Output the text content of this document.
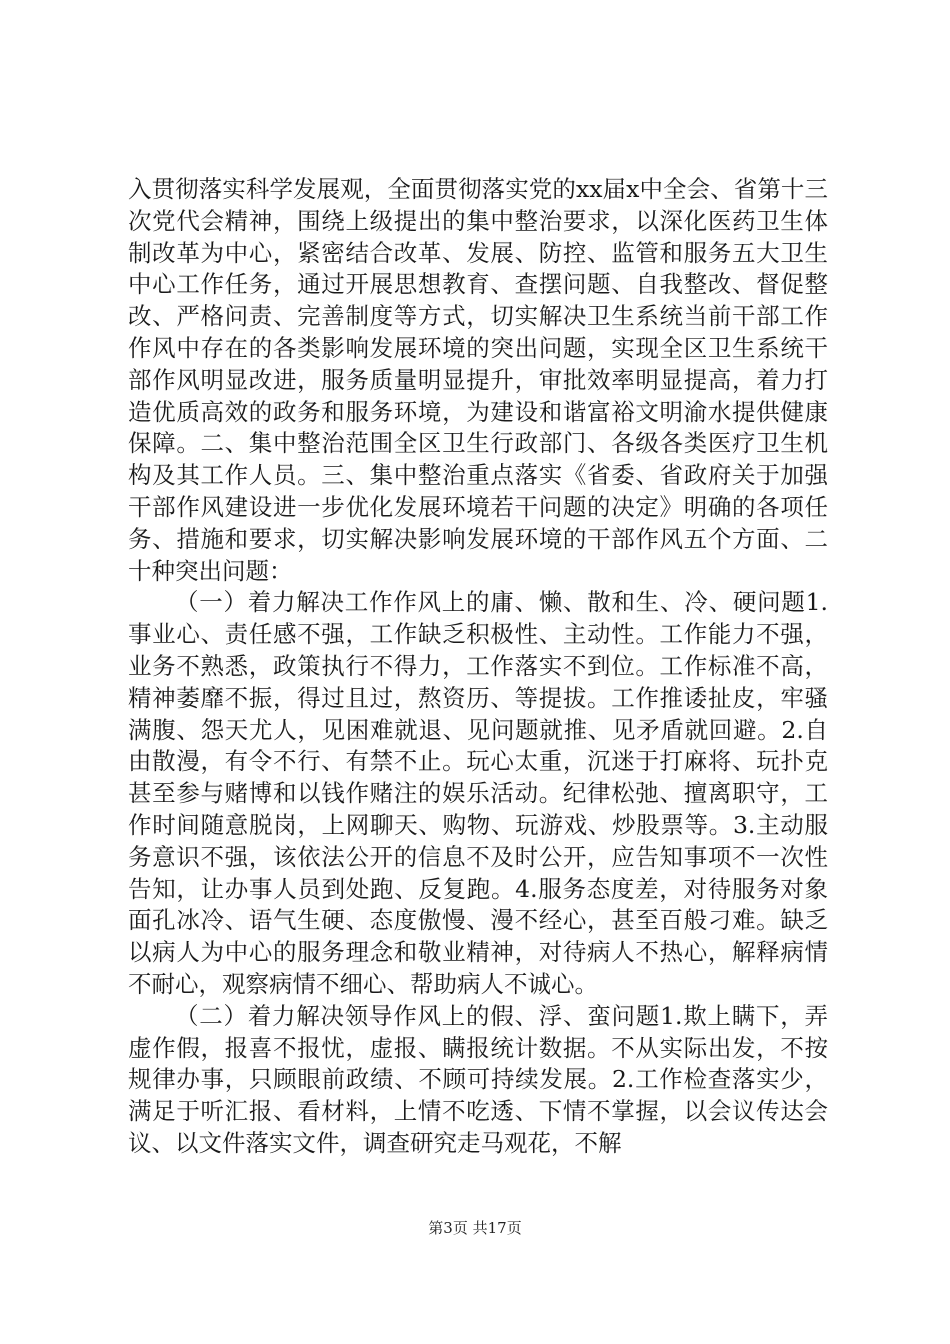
入贯彻落实科学发展观，全面贯彻落实党的xx届x中全会、省第十三次党代会精神，围绕上级提出的集中整治要求，以深化医药卫生体制改革为中心，紧密结合改革、发展、防控、监管和服务五大卫生中心工作任务，通过开展思想教育、查摆问题、自我整改、督促整改、严格问责、完善制度等方式，切实解决卫生系统当前干部工作作风中存在的各类影响发展环境的突出问题，实现全区卫生系统干部作风明显改进，服务质量明显提升，审批效率明显提高，着力打造优质高效的政务和服务环境，为建设和谐富裕文明渝水提供健康保障。二、集中整治范围全区卫生行政部门、各级各类医疗卫生机构及其工作人员。三、集中整治重点落实《省委、省政府关于加强干部作风建设进一步优化发展环境若干问题的决定》明确的各项任务、措施和要求，切实解决影响发展环境的干部作风五个方面、二十种突出问题：

（一）着力解决工作作风上的庸、懒、散和生、冷、硬问题1.事业心、责任感不强，工作缺乏积极性、主动性。工作能力不强，业务不熟悉，政策执行不得力，工作落实不到位。工作标准不高，精神萎靡不振，得过且过，熬资历、等提拔。工作推诿扯皮，牢骚满腹、怨天尤人，见困难就退、见问题就推、见矛盾就回避。2.自由散漫，有令不行、有禁不止。玩心太重，沉迷于打麻将、玩扑克甚至参与赌博和以钱作赌注的娱乐活动。纪律松弛、擅离职守，工作时间随意脱岗，上网聊天、购物、玩游戏、炒股票等。3.主动服务意识不强，该依法公开的信息不及时公开，应告知事项不一次性告知，让办事人员到处跑、反复跑。4.服务态度差，对待服务对象面孔冰冷、语气生硬、态度傲慢、漫不经心，甚至百般刁难。缺乏以病人为中心的服务理念和敬业精神，对待病人不热心，解释病情不耐心，观察病情不细心、帮助病人不诚心。

（二）着力解决领导作风上的假、浮、蛮问题1.欺上瞒下，弄虚作假，报喜不报忧，虚报、瞒报统计数据。不从实际出发，不按规律办事，只顾眼前政绩、不顾可持续发展。2.工作检查落实少，满足于听汇报、看材料，上情不吃透、下情不掌握，以会议传达会议、以文件落实文件，调查研究走马观花，不解

第3页 共17页
